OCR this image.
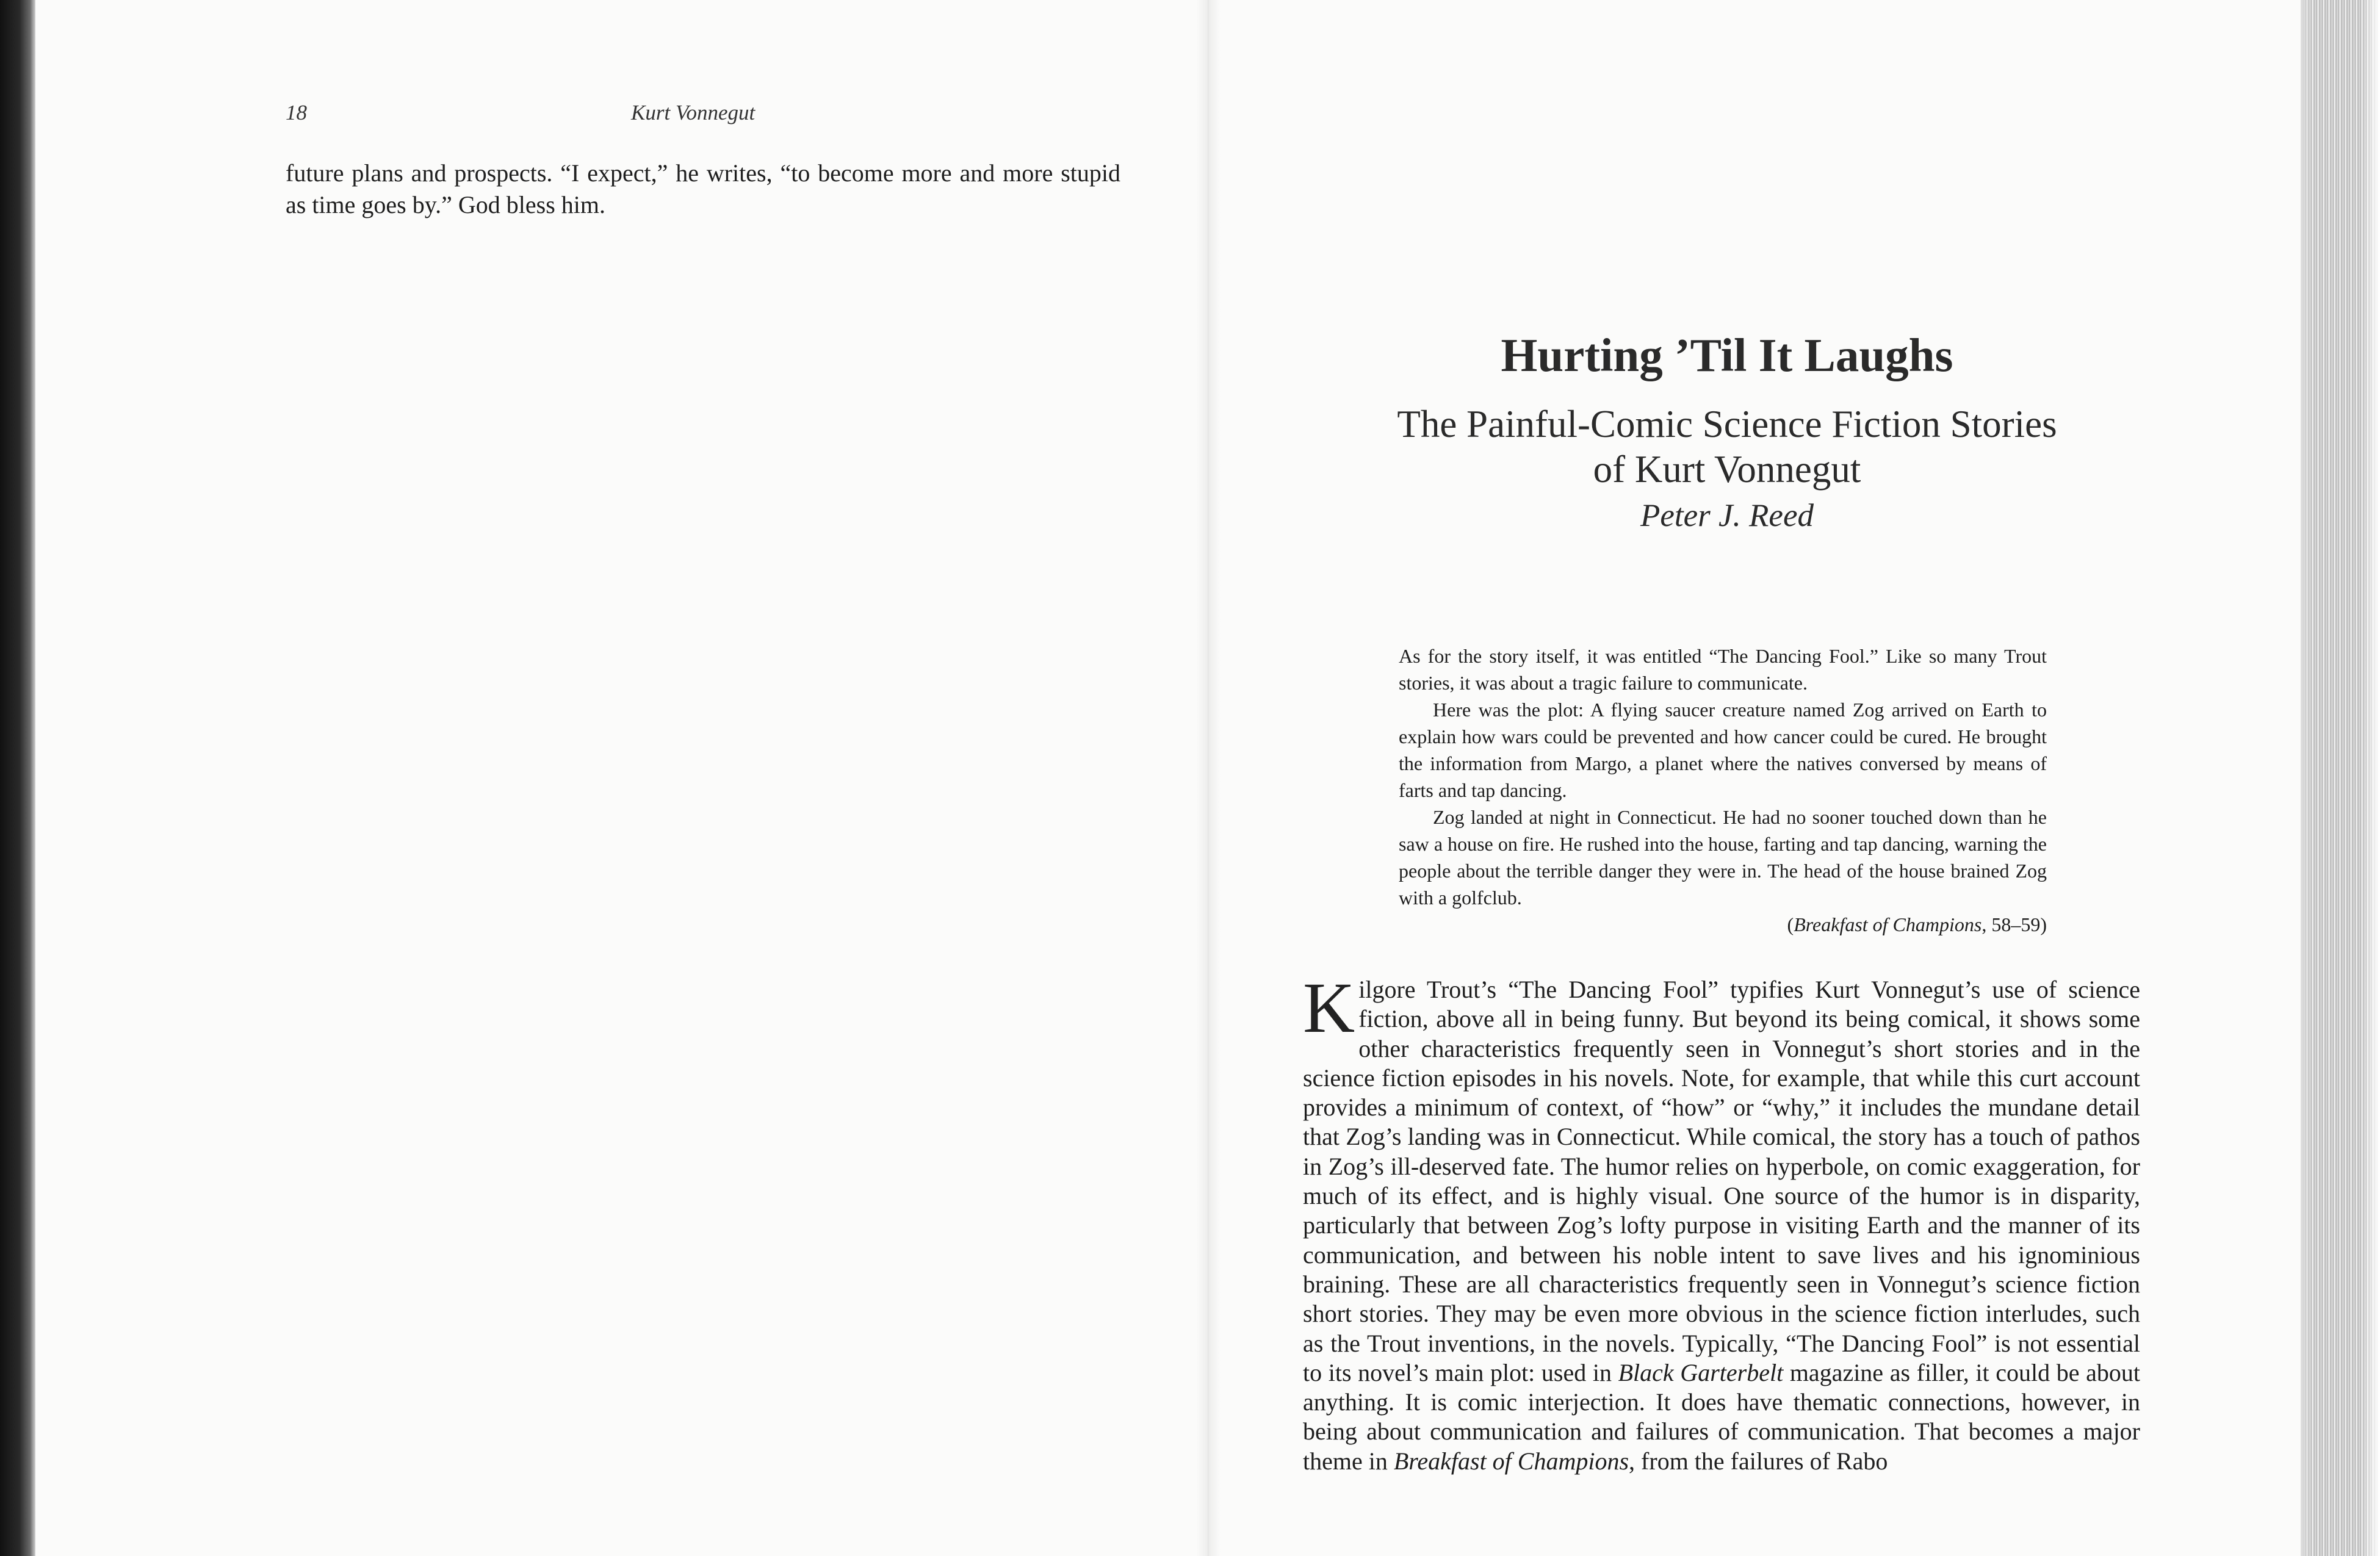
18	Kurt Vonnegut
future plans and prospects. “I expect,” he writes, “to become more and more stupid as time goes by.” God bless him.
Hurting ’Til It Laughs
The Painful-Comic Science Fiction Stories
of Kurt Vonnegut
Peter J. Reed

As for the story itself, it was entitled “The Dancing Fool.” Like so many Trout stories, it was about a tragic failure to communicate.

Here was the plot: A flying saucer creature named Zog arrived on Earth to explain how wars could be prevented and how cancer could be cured. He brought the information from Margo, a planet where the natives conversed by means of farts and tap dancing.

Zog landed at night in Connecticut. He had no sooner touched down than he saw a house on fire. He rushed into the house, farting and tap dancing, warning the people about the terrible danger they were in. The head of the house brained Zog with a golfclub.

(Breakfast of Champions, 58–59)

Kilgore Trout’s “The Dancing Fool” typifies Kurt Vonnegut’s use of science fiction, above all in being funny. But beyond its being comical, it shows some other characteristics frequently seen in Vonnegut’s short stories and in the science fiction episodes in his novels. Note, for example, that while this curt account provides a minimum of context, of “how” or “why,” it includes the mundane detail that Zog’s landing was in Connecticut. While comical, the story has a touch of pathos in Zog’s ill-deserved fate. The humor relies on hyperbole, on comic exaggeration, for much of its effect, and is highly visual. One source of the humor is in disparity, particularly that between Zog’s lofty purpose in visiting Earth and the manner of its communication, and between his noble intent to save lives and his ignominious braining. These are all characteristics frequently seen in Vonnegut’s science fiction short stories. They may be even more obvious in the science fiction interludes, such as the Trout inventions, in the novels. Typically, “The Dancing Fool” is not essential to its novel’s main plot: used in Black Garterbelt magazine as filler, it could be about anything. It is comic interjection. It does have thematic connections, however, in being about communication and failures of communication. That becomes a major theme in Breakfast of Champions, from the failures of Rabo
